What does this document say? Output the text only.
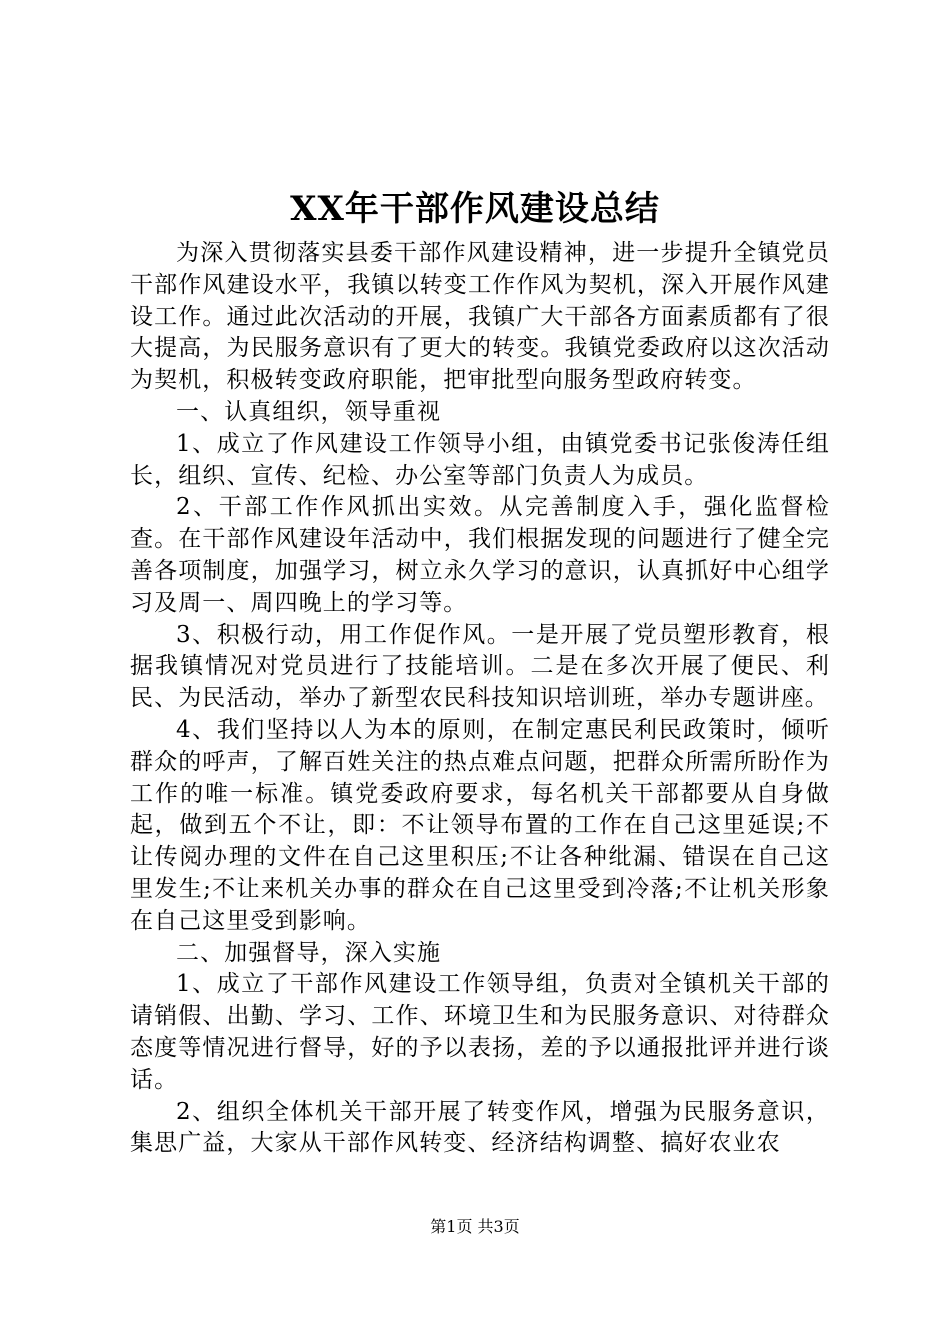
XX年干部作风建设总结

为深入贯彻落实县委干部作风建设精神，进一步提升全镇党员干部作风建设水平，我镇以转变工作作风为契机，深入开展作风建设工作。通过此次活动的开展，我镇广大干部各方面素质都有了很大提高，为民服务意识有了更大的转变。我镇党委政府以这次活动为契机，积极转变政府职能，把审批型向服务型政府转变。

一、认真组织，领导重视

1、成立了作风建设工作领导小组，由镇党委书记张俊涛任组长，组织、宣传、纪检、办公室等部门负责人为成员。

2、干部工作作风抓出实效。从完善制度入手，强化监督检查。在干部作风建设年活动中，我们根据发现的问题进行了健全完善各项制度，加强学习，树立永久学习的意识，认真抓好中心组学习及周一、周四晚上的学习等。

3、积极行动，用工作促作风。一是开展了党员塑形教育，根据我镇情况对党员进行了技能培训。二是在多次开展了便民、利民、为民活动，举办了新型农民科技知识培训班，举办专题讲座。

4、我们坚持以人为本的原则，在制定惠民利民政策时，倾听群众的呼声，了解百姓关注的热点难点问题，把群众所需所盼作为工作的唯一标准。镇党委政府要求，每名机关干部都要从自身做起，做到五个不让，即：不让领导布置的工作在自己这里延误;不让传阅办理的文件在自己这里积压;不让各种纰漏、错误在自己这里发生;不让来机关办事的群众在自己这里受到冷落;不让机关形象在自己这里受到影响。

二、加强督导，深入实施

1、成立了干部作风建设工作领导组，负责对全镇机关干部的请销假、出勤、学习、工作、环境卫生和为民服务意识、对待群众态度等情况进行督导，好的予以表扬，差的予以通报批评并进行谈话。

2、组织全体机关干部开展了转变作风，增强为民服务意识，集思广益，大家从干部作风转变、经济结构调整、搞好农业农

第1页 共3页
